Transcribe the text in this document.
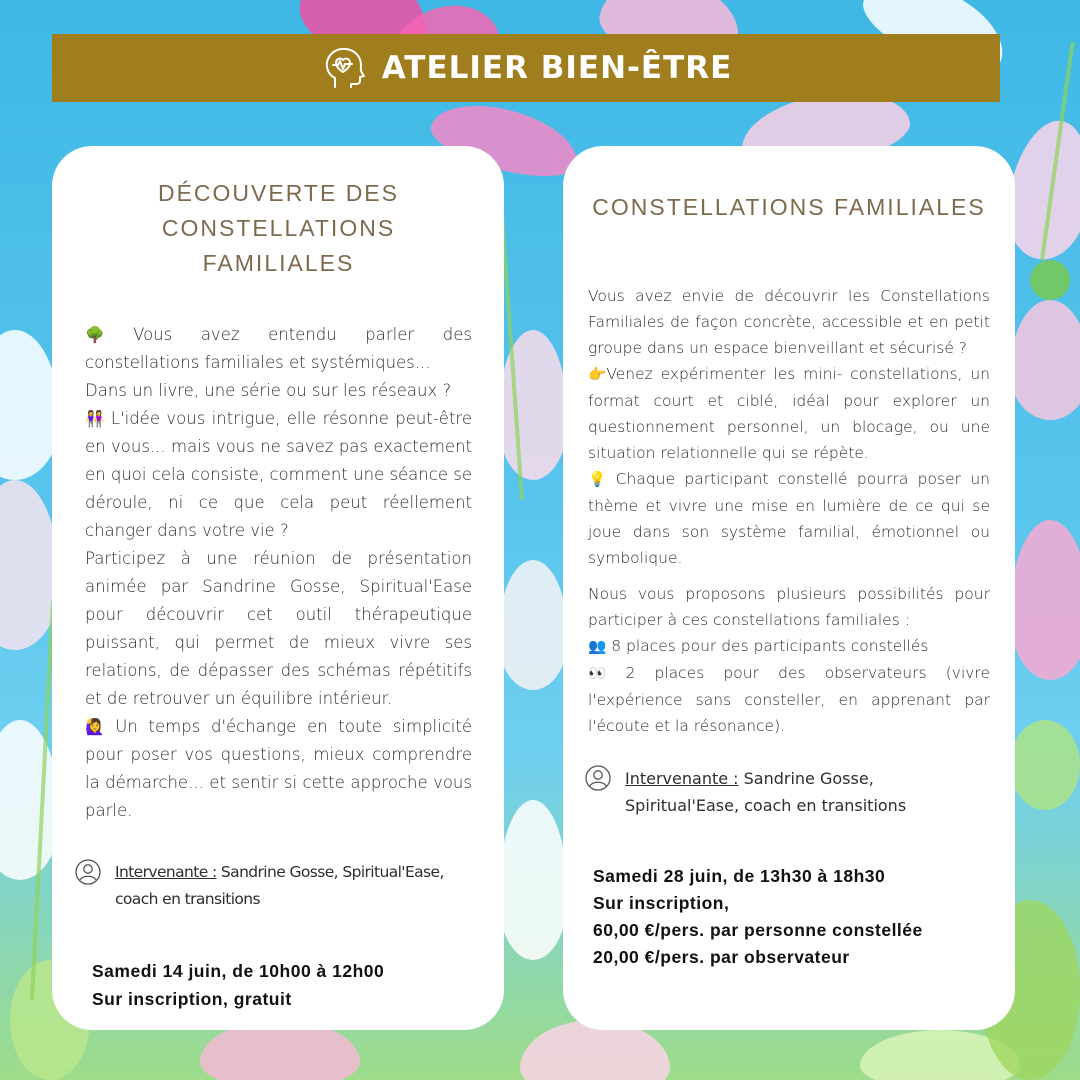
ATELIER BIEN-ÊTRE
DÉCOUVERTE DES
CONSTELLATIONS FAMILIALES

🌳 Vous avez entendu parler des constellations familiales et systémiques...

Dans un livre, une série ou sur les réseaux ?

👭 L'idée vous intrigue, elle résonne peut-être en vous... mais vous ne savez pas exactement en quoi cela consiste, comment une séance se déroule, ni ce que cela peut réellement changer dans votre vie ?

Participez à une réunion de présentation animée par Sandrine Gosse, Spiritual'Ease pour découvrir cet outil thérapeutique puissant, qui permet de mieux vivre ses relations, de dépasser des schémas répétitifs et de retrouver un équilibre intérieur.

🙋‍♀️ Un temps d'échange en toute simplicité pour poser vos questions, mieux comprendre la démarche... et sentir si cette approche vous parle.

Intervenante : Sandrine Gosse, Spiritual'Ease, coach en transitions
Samedi 14 juin, de 10h00 à 12h00
Sur inscription, gratuit
CONSTELLATIONS FAMILIALES

Vous avez envie de découvrir les Constellations Familiales de façon concrète, accessible et en petit groupe dans un espace bienveillant et sécurisé ?

👉Venez expérimenter les mini- constellations, un format court et ciblé, idéal pour explorer un questionnement personnel, un blocage, ou une situation relationnelle qui se répète.

💡 Chaque participant constellé pourra poser un thème et vivre une mise en lumière de ce qui se joue dans son système familial, émotionnel ou symbolique.

Nous vous proposons plusieurs possibilités pour participer à ces constellations familiales :

👥 8 places pour des participants constellés

👀 2 places pour des observateurs (vivre l'expérience sans consteller, en apprenant par l'écoute et la résonance).

Intervenante : Sandrine Gosse, Spiritual'Ease, coach en transitions
Samedi 28 juin, de 13h30 à 18h30
Sur inscription,
60,00 €/pers. par personne constellée
20,00 €/pers. par observateur
